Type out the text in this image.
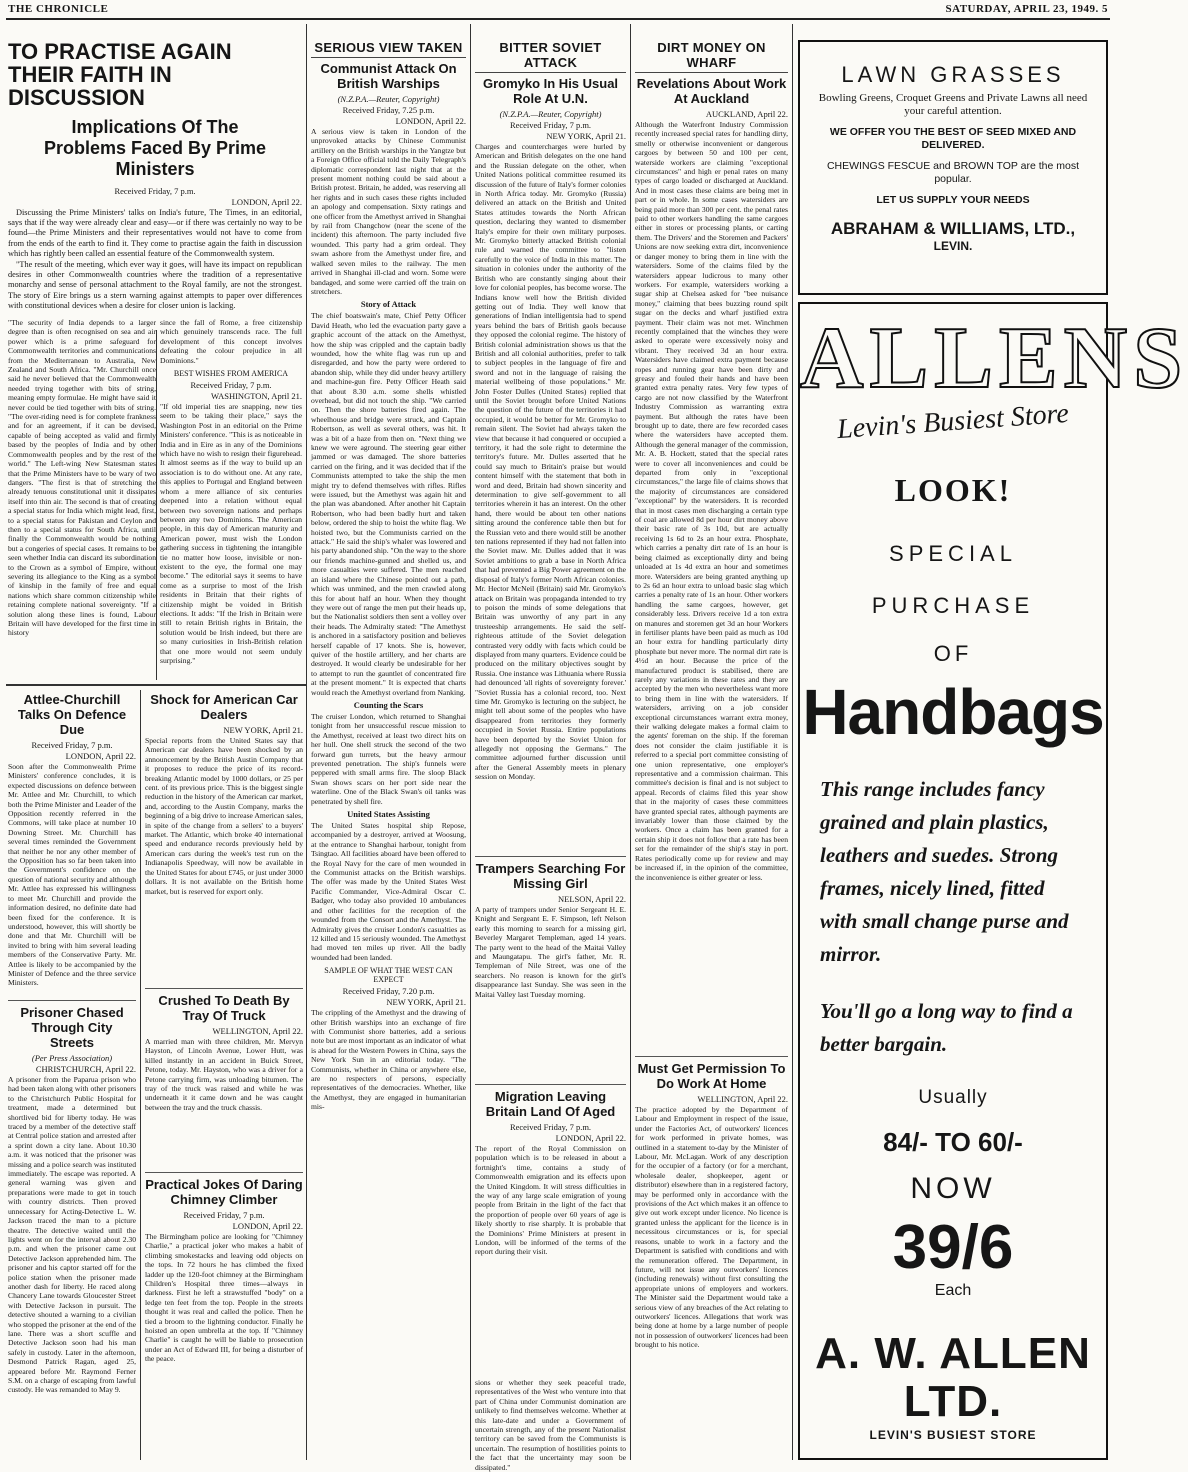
THE CHRONICLE	SATURDAY, APRIL 23, 1949. 5
TO PRACTISE AGAIN THEIR FAITH IN DISCUSSION
Implications Of The Problems Faced By Prime Ministers
Received Friday, 7 p.m.
LONDON, April 22.

Discussing the Prime Ministers' talks on India's future, The Times, in an editorial, says that if the way were already clear and easy—or if there was certainly no way to be found—the Prime Ministers and their representatives would not have to come from from the ends of the earth to find it. They come to practise again the faith in discussion which has rightly been called an essential feature of the Commonwealth system.

"The result of the meeting, which ever way it goes, will have its impact on republican desires in other Commonwealth countries where the tradition of a representative monarchy and sense of personal attachment to the Royal family, are not the strongest. The story of Eire brings us a stern warning against attempts to paper over differences with constitutional devices when a desire for closer union is lacking.

"The security of India depends to a larger degree than is often recognised on sea and air power which is a prime safeguard for Commonwealth territories and communications from the Mediterranean to Australia, New Zealand and South Africa. "Mr. Churchill once said he never believed that the Commonwealth needed trying together with bits of string, meaning empty formulae. He might have said it never could be tied together with bits of string. "The over-riding need is for complete frankness and for an agreement, if it can be devised, capable of being accepted as valid and firmly based by the peoples of India and by other Commonwealth peoples and by the rest of the world." The Left-wing New Statesman states that the Prime Ministers have to be wary of two dangers. "The first is that of stretching the already tenuous constitutional unit it dissipates itself into thin air. The second is that of creating a special status for India which might lead, first, to a special status for Pakistan and Ceylon and then to a special status for South Africa, until finally the Commonwealth would be nothing but a congeries of special cases. It remains to be seen whether India can discard its subordination to the Crown as a symbol of Empire, without severing its allegiance to the King as a symbol of kinship in the family of free and equal nations which share common citizenship while retaining complete national sovereignty. "If a solution along these lines is found, Labour Britain will have developed for the first time in history
since the fall of Rome, a free citizenship which genuinely transcends race. The full development of this concept involves defeating the colour prejudice in all Dominions."
BEST WISHES FROM AMERICA
Received Friday, 7 p.m.
WASHINGTON, April 21.
"If old imperial ties are snapping, new ties seem to be taking their place," says the Washington Post in an editorial on the Prime Ministers' conference. "This is as noticeable in India and in Eire as in any of the Dominions which have no wish to resign their figurehead. It almost seems as if the way to build up an association is to do without one. At any rate, this applies to Portugal and England between whom a mere alliance of six centuries deepened into a relation without equal between two sovereign nations and perhaps between any two Dominions. The American people, in this day of American maturity and American power, must wish the London gathering success in tightening the intangible tie no matter how loose, invisible or non-existent to the eye, the formal one may become." The editorial says it seems to have come as a surprise to most of the Irish residents in Britain that their rights of citizenship might be voided in British elections. It adds: "If the Irish in Britain were still to retain British rights in Britain, the solution would be Irish indeed, but there are so many curiosities in Irish-British relation that one more would not seem unduly surprising."
Attlee-Churchill Talks On Defence Due
Received Friday, 7 p.m.
LONDON, April 22.
Soon after the Commonwealth Prime Ministers' conference concludes, it is expected discussions on defence between Mr. Attlee and Mr. Churchill, to which both the Prime Minister and Leader of the Opposition recently referred in the Commons, will take place at number 10 Downing Street. Mr. Churchill has several times reminded the Government that neither he nor any other member of the Opposition has so far been taken into the Government's confidence on the question of national security and although Mr. Attlee has expressed his willingness to meet Mr. Churchill and provide the information desired, no definite date had been fixed for the conference. It is understood, however, this will shortly be done and that Mr. Churchill will be invited to bring with him several leading members of the Conservative Party. Mr. Attlee is likely to be accompanied by the Minister of Defence and the three service Ministers.
Prisoner Chased Through City Streets
(Per Press Association)
CHRISTCHURCH, April 22.
A prisoner from the Paparua prison who had been taken along with other prisoners to the Christchurch Public Hospital for treatment, made a determined but shortlived bid for liberty today. He was traced by a member of the detective staff at Central police station and arrested after a sprint down a city lane. About 10.30 a.m. it was noticed that the prisoner was missing and a police search was instituted immediately. The escape was reported. A general warning was given and preparations were made to get in touch with country districts. Then proved unnecessary for Acting-Detective L. W. Jackson traced the man to a picture theatre. The detective waited until the lights went on for the interval about 2.30 p.m. and when the prisoner came out Detective Jackson apprehended him. The prisoner and his captor started off for the police station when the prisoner made another dash for liberty. He raced along Chancery Lane towards Gloucester Street with Detective Jackson in pursuit. The detective shouted a warning to a civilian who stopped the prisoner at the end of the lane. There was a short scuffle and Detective Jackson soon had his man safely in custody. Later in the afternoon, Desmond Patrick Ragan, aged 25, appeared before Mr. Raymond Ferner S.M. on a charge of escaping from lawful custody. He was remanded to May 9.
Shock for American Car Dealers
NEW YORK, April 21.
Special reports from the United States say that American car dealers have been shocked by an announcement by the British Austin Company that it proposes to reduce the price of its record-breaking Atlantic model by 1000 dollars, or 25 per cent. of its previous price. This is the biggest single reduction in the history of the American car market, and, according to the Austin Company, marks the beginning of a big drive to increase American sales, in spite of the change from a sellers' to a buyers' market. The Atlantic, which broke 40 international speed and endurance records previously held by American cars during the week's test run on the Indianapolis Speedway, will now be available in the United States for about £745, or just under 3000 dollars. It is not available on the British home market, but is reserved for export only.
Crushed To Death By Tray Of Truck
WELLINGTON, April 22.
A married man with three children, Mr. Mervyn Hayston, of Lincoln Avenue, Lower Hutt, was killed instantly in an accident in Buick Street, Petone, today. Mr. Hayston, who was a driver for a Petone carrying firm, was unloading bitumen. The tray of the truck was raised and while he was underneath it it came down and he was caught between the tray and the truck chassis.
Practical Jokes Of Daring Chimney Climber
Received Friday, 7 p.m.
LONDON, April 22.
The Birmingham police are looking for "Chimney Charlie," a practical joker who makes a habit of climbing smokestacks and leaving odd objects on the tops. In 72 hours he has climbed the fixed ladder up the 120-foot chimney at the Birmingham Children's Hospital three times—always in darkness. First he left a strawstuffed "body" on a ledge ten feet from the top. People in the streets thought it was real and called the police. Then he tied a broom to the lightning conductor. Finally he hoisted an open umbrella at the top. If "Chimney Charlie" is caught he will be liable to prosecution under an Act of Edward III, for being a disturber of the peace.
SERIOUS VIEW TAKEN
Communist Attack On British Warships
(N.Z.P.A.—Reuter, Copyright)
Received Friday, 7.25 p.m.
LONDON, April 22.
A serious view is taken in London of the unprovoked attacks by Chinese Communist artillery on the British warships in the Yangtze but a Foreign Office official told the Daily Telegraph's diplomatic correspondent last night that at the present moment nothing could be said about a British protest. Britain, he added, was reserving all her rights and in such cases these rights included an apology and compensation. Sixty ratings and one officer from the Amethyst arrived in Shanghai by rail from Changchow (near the scene of the incident) this afternoon. The party included five wounded. This party had a grim ordeal. They swam ashore from the Amethyst under fire, and walked seven miles to the railway. The men arrived in Shanghai ill-clad and worn. Some were bandaged, and some were carried off the train on stretchers.
Story of Attack
The chief boatswain's mate, Chief Petty Officer David Heath, who led the evacuation party gave a graphic account of the attack on the Amethyst, how the ship was crippled and the captain badly wounded, how the white flag was run up and disregarded, and how the party were ordered to abandon ship, while they did under heavy artillery and machine-gun fire. Petty Officer Heath said that about 8.30 a.m. some shells whistled overhead, but did not touch the ship. "We carried on. Then the shore batteries fired again. The wheelhouse and bridge were struck, and Captain Robertson, as well as several others, was hit. It was a bit of a haze from then on. "Next thing we knew we were aground. The steering gear either jammed or was damaged. The shore batteries carried on the firing, and it was decided that if the Communists attempted to take the ship the men might try to defend themselves with rifles. Rifles were issued, but the Amethyst was again hit and the plan was abandoned. After another hit Captain Robertson, who had been badly hurt and taken below, ordered the ship to hoist the white flag. We hoisted two, but the Communists carried on the attack." He said the ship's whaler was lowered and his party abandoned ship. "On the way to the shore our friends machine-gunned and shelled us, and more casualties were suffered. The men reached an island where the Chinese pointed out a path, which was unmined, and the men crawled along this for about half an hour. When they thought they were out of range the men put their heads up, but the Nationalist soldiers then sent a volley over their heads. The Admiralty stated: "The Amethyst is anchored in a satisfactory position and believes herself capable of 17 knots. She is, however, quiver of the hostile artillery, and her charts are destroyed. It would clearly be undesirable for her to attempt to run the gauntlet of concentrated fire at the present moment." It is expected that charts would reach the Amethyst overland from Nanking.
Counting the Scars
The cruiser London, which returned to Shanghai tonight from her unsuccessful rescue mission to the Amethyst, received at least two direct hits on her hull. One shell struck the second of the two forward gun turrets, but the heavy armour prevented penetration. The ship's funnels were peppered with small arms fire. The sloop Black Swan shows scars on her port side near the waterline. One of the Black Swan's oil tanks was penetrated by shell fire.
United States Assisting
The United States hospital ship Repose, accompanied by a destroyer, arrived at Woosung, at the entrance to Shanghai harbour, tonight from Tsingtao. All facilities aboard have been offered to the Royal Navy for the care of men wounded in the Communist attacks on the British warships. The offer was made by the United States West Pacific Commander, Vice-Admiral Oscar C. Badger, who today also provided 10 ambulances and other facilities for the reception of the wounded from the Consort and the Amethyst. The Admiralty gives the cruiser London's casualties as 12 killed and 15 seriously wounded. The Amethyst had moved ten miles up river. All the badly wounded had been landed.
SAMPLE OF WHAT THE WEST CAN EXPECT
Received Friday, 7.20 p.m.
NEW YORK, April 21.
The crippling of the Amethyst and the drawing of other British warships into an exchange of fire with Communist shore batteries, add a serious note but are most important as an indicator of what is ahead for the Western Powers in China, says the New York Sun in an editorial today. "The Communists, whether in China or anywhere else, are no respecters of persons, especially representatives of the democracies. Whether, like the Amethyst, they are engaged in humanitarian mis-
BITTER SOVIET ATTACK
Gromyko In His Usual Role At U.N.
(N.Z.P.A.—Reuter, Copyright)
Received Friday, 7 p.m.
NEW YORK, April 21.
Charges and countercharges were hurled by American and British delegates on the one hand and the Russian delegate on the other, when United Nations political committee resumed its discussion of the future of Italy's former colonies in North Africa today. Mr. Gromyko (Russia) delivered an attack on the British and United States attitudes towards the North African question, declaring they wanted to dismember Italy's empire for their own military purposes. Mr. Gromyko bitterly attacked British colonial rule and warned the committee to "listen carefully to the voice of India in this matter. The situation in colonies under the authority of the British who are constantly singing about their love for colonial peoples, has become worse. The Indians know well how the British divided getting out of India. They well know that generations of Indian intelligentsia had to spend years behind the bars of British gaols because they opposed the colonial regime. The history of British colonial administration shows us that the British and all colonial authorities, prefer to talk to subject peoples in the language of fire and sword and not in the language of raising the material wellbeing of those populations." Mr. John Foster Dulles (United States) replied that until the Soviet brought before United Nations the question of the future of the territories it had occupied, it would be better for Mr. Gromyko to remain silent. The Soviet had always taken the view that because it had conquered or occupied a territory, it had the sole right to determine the territory's future. Mr. Dulles asserted that he could say much to Britain's praise but would content himself with the statement that both in word and deed, Britain had shown sincerity and determination to give self-government to all territories wherein it has an interest. On the other hand, there would be about ten other nations sitting around the conference table then but for the Russian veto and there would still be another ten nations represented if they had not fallen into the Soviet maw. Mr. Dulles added that it was Soviet ambitions to grab a base in North Africa that had prevented a Big Power agreement on the disposal of Italy's former North African colonies. Mr. Hector McNeil (Britain) said Mr. Gromyko's attack on Britain was propaganda intended to try to poison the minds of some delegations that Britain was unworthy of any part in any trusteeship arrangements. He said the self-righteous attitude of the Soviet delegation contrasted very oddly with facts which could be displayed from many quarters. Evidence could be produced on the military objectives sought by Russia. One instance was Lithuania where Russia had denounced 'all rights of sovereignty forever.' "Soviet Russia has a colonial record, too. Next time Mr. Gromyko is lecturing on the subject, he might tell about some of the peoples who have disappeared from territories they formerly occupied in Soviet Russia. Entire populations have been deported by the Soviet Union for allegedly not opposing the Germans." The committee adjourned further discussion until after the General Assembly meets in plenary session on Monday.
Trampers Searching For Missing Girl
NELSON, April 22.
A party of trampers under Senior Sergeant H. E. Knight and Sergeant E. F. Simpson, left Nelson early this morning to search for a missing girl, Beverley Margaret Templeman, aged 14 years. The party went to the head of the Maitai Valley and Maungatapu. The girl's father, Mr. R. Templeman of Nile Street, was one of the searchers. No reason is known for the girl's disappearance last Sunday. She was seen in the Maitai Valley last Tuesday morning.
Migration Leaving Britain Land Of Aged
Received Friday, 7 p.m.
LONDON, April 22.
The report of the Royal Commission on population which is to be released in about a fortnight's time, contains a study of Commonwealth emigration and its effects upon the United Kingdom. It will stress difficulties in the way of any large scale emigration of young people from Britain in the light of the fact that the proportion of people over 60 years of age is likely shortly to rise sharply. It is probable that the Dominions' Prime Ministers at present in London, will be informed of the terms of the report during their visit.
sions or whether they seek peaceful trade, representatives of the West who venture into that part of China under Communist domination are unlikely to find themselves welcome. Whether at this late-date and under a Government of uncertain strength, any of the present Nationalist territory can be saved from the Communists is uncertain. The resumption of hostilities points to the fact that the uncertainty may soon be dissipated."
DIRT MONEY ON WHARF
Revelations About Work At Auckland
AUCKLAND, April 22.
Although the Waterfront Industry Commission recently increased special rates for handling dirty, smelly or otherwise inconvenient or dangerous cargoes by between 50 and 100 per cent, waterside workers are claiming "exceptional circumstances" and high er penal rates on many types of cargo loaded or discharged at Auckland. And in most cases these claims are being met in part or in whole. In some cases watersiders are being paid more than 300 per cent. the penal rates paid to other workers handling the same cargoes either in stores or processing plants, or carting them. The Drivers' and the Storemen and Packers' Unions are now seeking extra dirt, inconvenience or danger money to bring them in line with the watersiders. Some of the claims filed by the watersiders appear ludicrous to many other workers. For example, watersiders working a sugar ship at Chelsea asked for "bee nuisance money," claiming that bees buzzing round spilt sugar on the decks and wharf justified extra payment. Their claim was not met. Winchmen recently complained that the winches they were asked to operate were excessively noisy and vibrant. They received 3d an hour extra. Watersiders have claimed extra payment because ropes and running gear have been dirty and greasy and fouled their hands and have been granted extra penalty rates. Very few types of cargo are not now classified by the Waterfront Industry Commission as warranting extra payment. But although the rates have been brought up to date, there are few recorded cases where the watersiders have accepted them. Although the general manager of the commission, Mr. A. B. Hockett, stated that the special rates were to cover all inconveniences and could be departed from only in "exceptional circumstances," the large file of claims shows that the majority of circumstances are considered "exceptional" by the watersiders. It is recorded that in most cases men discharging a certain type of coal are allowed 8d per hour dirt money above their basic rate of 3s 10d, but are actually receiving 1s 6d to 2s an hour extra. Phosphate, which carries a penalty dirt rate of 1s an hour is being claimed as exceptionally dirty and being unloaded at 1s 4d extra an hour and sometimes more. Watersiders are being granted anything up to 2s 6d an hour extra to unload basic slag which carries a penalty rate of 1s an hour. Other workers handling the same cargoes, however, get considerably less. Drivers receive 1d a ton extra on manures and storemen get 3d an hour Workers in fertiliser plants have been paid as much as 10d an hour extra for handling particularly dirty phosphate but never more. The normal dirt rate is 4½d an hour. Because the price of the manufactured product is stabilised, there are rarely any variations in these rates and they are accepted by the men who nevertheless want more to bring them in line with the watersiders. If watersiders, arriving on a job consider exceptional circumstances warrant extra money, their walking delegate makes a formal claim to the agents' foreman on the ship. If the foreman does not consider the claim justifiable it is referred to a special port committee consisting of one union representative, one employer's representative and a commission chairman. This committee's decision is final and is not subject to appeal. Records of claims filed this year show that in the majority of cases these committees have granted special rates, although payments are invariably lower than those claimed by the workers. Once a claim has been granted for a certain ship it does not follow that a rate has been set for the remainder of the ship's stay in port. Rates periodically come up for review and may be increased if, in the opinion of the committee, the inconvenience is either greater or less.
Must Get Permission To Do Work At Home
WELLINGTON, April 22.
The practice adopted by the Department of Labour and Employment in respect of the issue, under the Factories Act, of outworkers' licences for work performed in private homes, was outlined in a statement to-day by the Minister of Labour, Mr. McLagan. Work of any description for the occupier of a factory (or for a merchant, wholesale dealer, shopkeeper, agent or distributor) elsewhere than in a registered factory, may be performed only in accordance with the provisions of the Act which makes it an offence to give out work except under licence. No licence is granted unless the applicant for the licence is in necessitous circumstances or is, for special reasons, unable to work in a factory and the Department is satisfied with conditions and with the remuneration offered. The Department, in future, will not issue any outworkers' licences (including renewals) without first consulting the appropriate unions of employers and workers. The Minister said the Department would take a serious view of any breaches of the Act relating to outworkers' licences. Allegations that work was being done at home by a large number of people not in possession of outworkers' licences had been brought to his notice.
LAWN GRASSES
Bowling Greens, Croquet Greens and Private Lawns all need your careful attention.
WE OFFER YOU THE BEST OF SEED MIXED AND DELIVERED.
CHEWINGS FESCUE and BROWN TOP are the most popular.
LET US SUPPLY YOUR NEEDS
ABRAHAM & WILLIAMS, LTD.,
LEVIN.
ALLENS
Levin's Busiest Store
LOOK!
SPECIAL
PURCHASE
OF
Handbags
This range includes fancy grained and plain plastics, leathers and suedes. Strong frames, nicely lined, fitted with small change purse and mirror.
You'll go a long way to find a better bargain.
Usually
84/- TO 60/-
NOW
39/6
Each
A. W. ALLEN LTD.
LEVIN'S BUSIEST STORE
